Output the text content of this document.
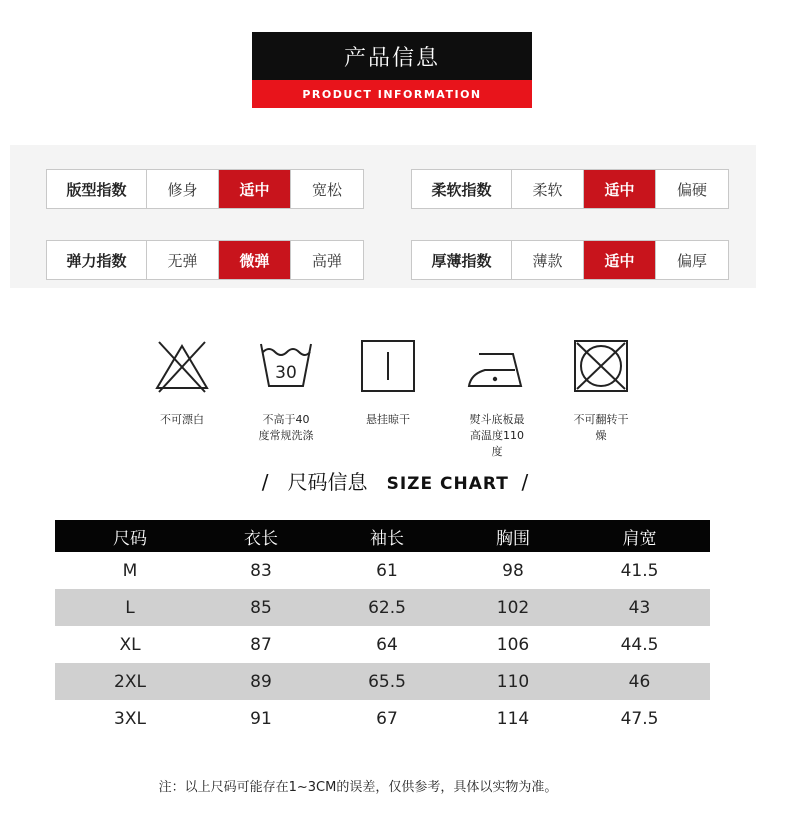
产品信息
PRODUCT INFORMATION
版型指数	修身	适中	宽松	柔软指数	柔软	适中	偏硬
弹力指数	无弹	微弹	高弹	厚薄指数	薄款	适中	偏厚
不可漂白
30
不高于40
度常规洗涤
悬挂晾干	熨斗底板最
高温度110
度
不可翻转干
燥
/   尺码信息 SIZE CHART /
尺码	衣长	袖长	胸围	肩宽
M	83	61	98	41.5
L	85	62.5	102	43
XL	87	64	106	44.5
2XL	89	65.5	110	46
3XL	91	67	114	47.5
注：以上尺码可能存在1~3CM的误差，仅供参考，具体以实物为准。
